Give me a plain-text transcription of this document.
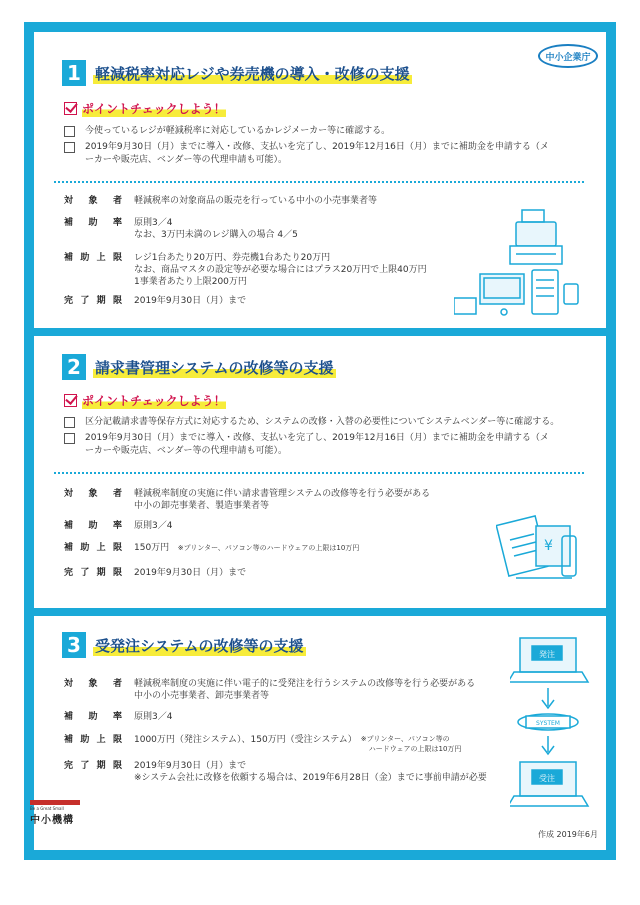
中小企業庁
1 軽減税率対応レジや券売機の導入・改修の支援
ポイントチェックしよう！
今使っているレジが軽減税率に対応しているかレジメーカー等に確認する。
2019年9月30日（月）までに導入・改修、支払いを完了し、2019年12月16日（月）までに補助金を申請する（メーカーや販売店、ベンダー等の代理申請も可能）。
対象者 軽減税率の対象商品の販売を行っている中小の小売事業者等
補助率 原則3／4
なお、3万円未満のレジ購入の場合 4／5
補助上限 レジ1台あたり20万円、券売機1台あたり20万円
なお、商品マスタの設定等が必要な場合にはプラス20万円で上限40万円
1事業者あたり上限200万円
完了期限 2019年9月30日（月）まで
2 請求書管理システムの改修等の支援
ポイントチェックしよう！
区分記載請求書等保存方式に対応するため、システムの改修・入替の必要性についてシステムベンダー等に確認する。
2019年9月30日（月）までに導入・改修、支払いを完了し、2019年12月16日（月）までに補助金を申請する（メーカーや販売店、ベンダー等の代理申請も可能）。
対象者 軽減税率制度の実施に伴い請求書管理システムの改修等を行う必要がある
中小の卸売事業者、製造事業者等
補助率 原則3／4
補助上限 150万円 ※プリンター、パソコン等のハードウェアの上限は10万円
完了期限 2019年9月30日（月）まで
¥
3 受発注システムの改修等の支援
対象者 軽減税率制度の実施に伴い電子的に受発注を行うシステムの改修等を行う必要がある
中小の小売事業者、卸売事業者等
補助率 原則3／4
補助上限 1000万円（発注システム）、150万円（受注システム） ※プリンター、パソコン等の
ハードウェアの上限は10万円
完了期限 2019年9月30日（月）まで
※システム会社に改修を依頼する場合は、2019年6月28日（金）までに事前申請が必要
発注
SYSTEM
受注
Be a Great Small
中小機構
作成 2019年6月
